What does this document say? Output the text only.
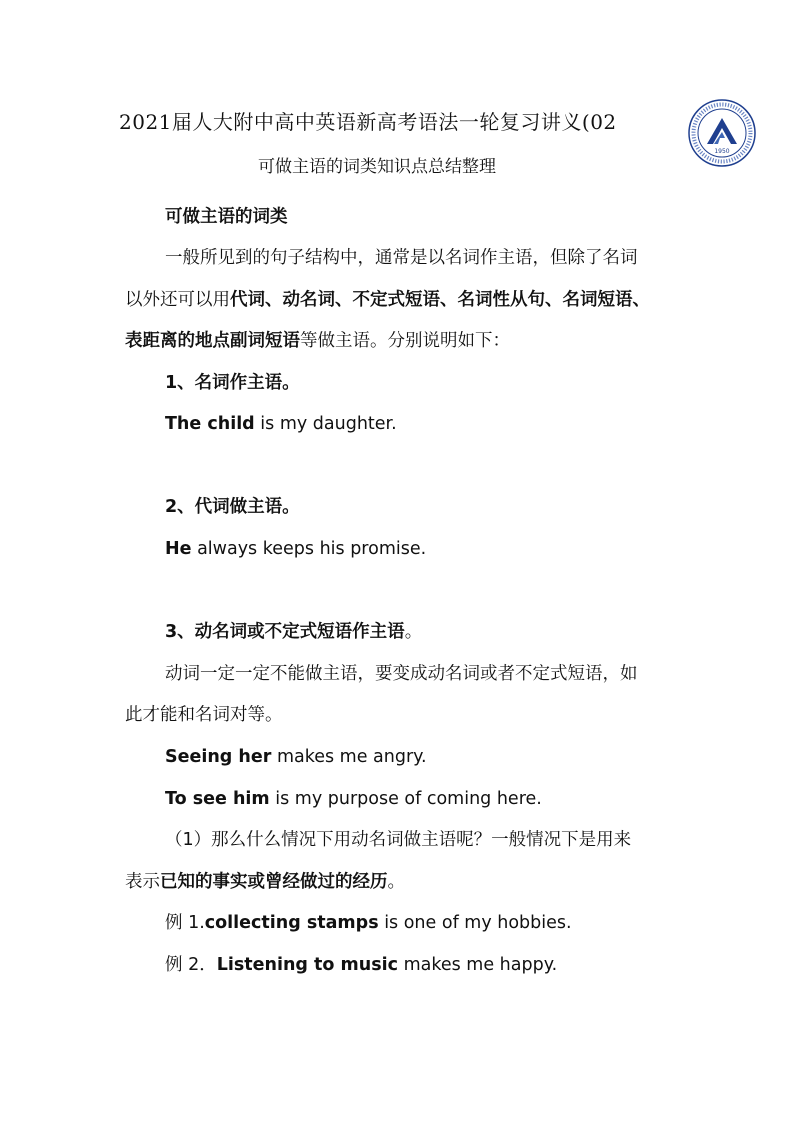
2021届人大附中高中英语新高考语法一轮复习讲义(02
1950
可做主语的词类知识点总结整理
可做主语的词类
一般所见到的句子结构中，通常是以名词作主语，但除了名词
以外还可以用代词、动名词、不定式短语、名词性从句、名词短语、
表距离的地点副词短语等做主语。分别说明如下：
1、名词作主语。
The child is my daughter.
2、代词做主语。
He always keeps his promise.
3、动名词或不定式短语作主语。
动词一定一定不能做主语，要变成动名词或者不定式短语，如
此才能和名词对等。
Seeing her makes me angry.
To see him is my purpose of coming here.
（1）那么什么情况下用动名词做主语呢？一般情况下是用来
表示已知的事实或曾经做过的经历。
例 1.collecting stamps is one of my hobbies.
例 2．Listening to music makes me happy.
